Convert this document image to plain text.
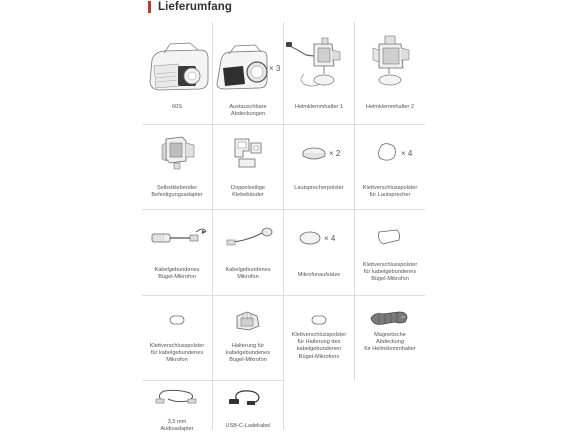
Lieferumfang
60S
× 3
Austauschbare
Abdeckungen
Helmklemmhalter 1	Helmklemmhalter 2
Selbstklebender
Befestigungsadapter
Doppelseitige
Klebebänder
× 2
Lautsprecherpolster
× 4
Klettverschlusspolster
für Lautsprecher
Kabelgebundenes
Bügel-Mikrofon
Kabelgebundenes
Mikrofon
× 4
Mikrofonaufsätze
Klettverschlusspolster
für kabelgebundenes
Bügel-Mikrofon
Klettverschlusspolster
für kabelgebundenes
Mikrofon
Halterung für
kabelgebundenes
Bügel-Mikrofon
Klettverschlusspolster
für Halterung des
kabelgebundenen
Bügel-Mikrofons
Magnetische
Abdeckung
für Helmklemmhalter
3,5 mm
Audioadapter
USB-C-Ladekabel
